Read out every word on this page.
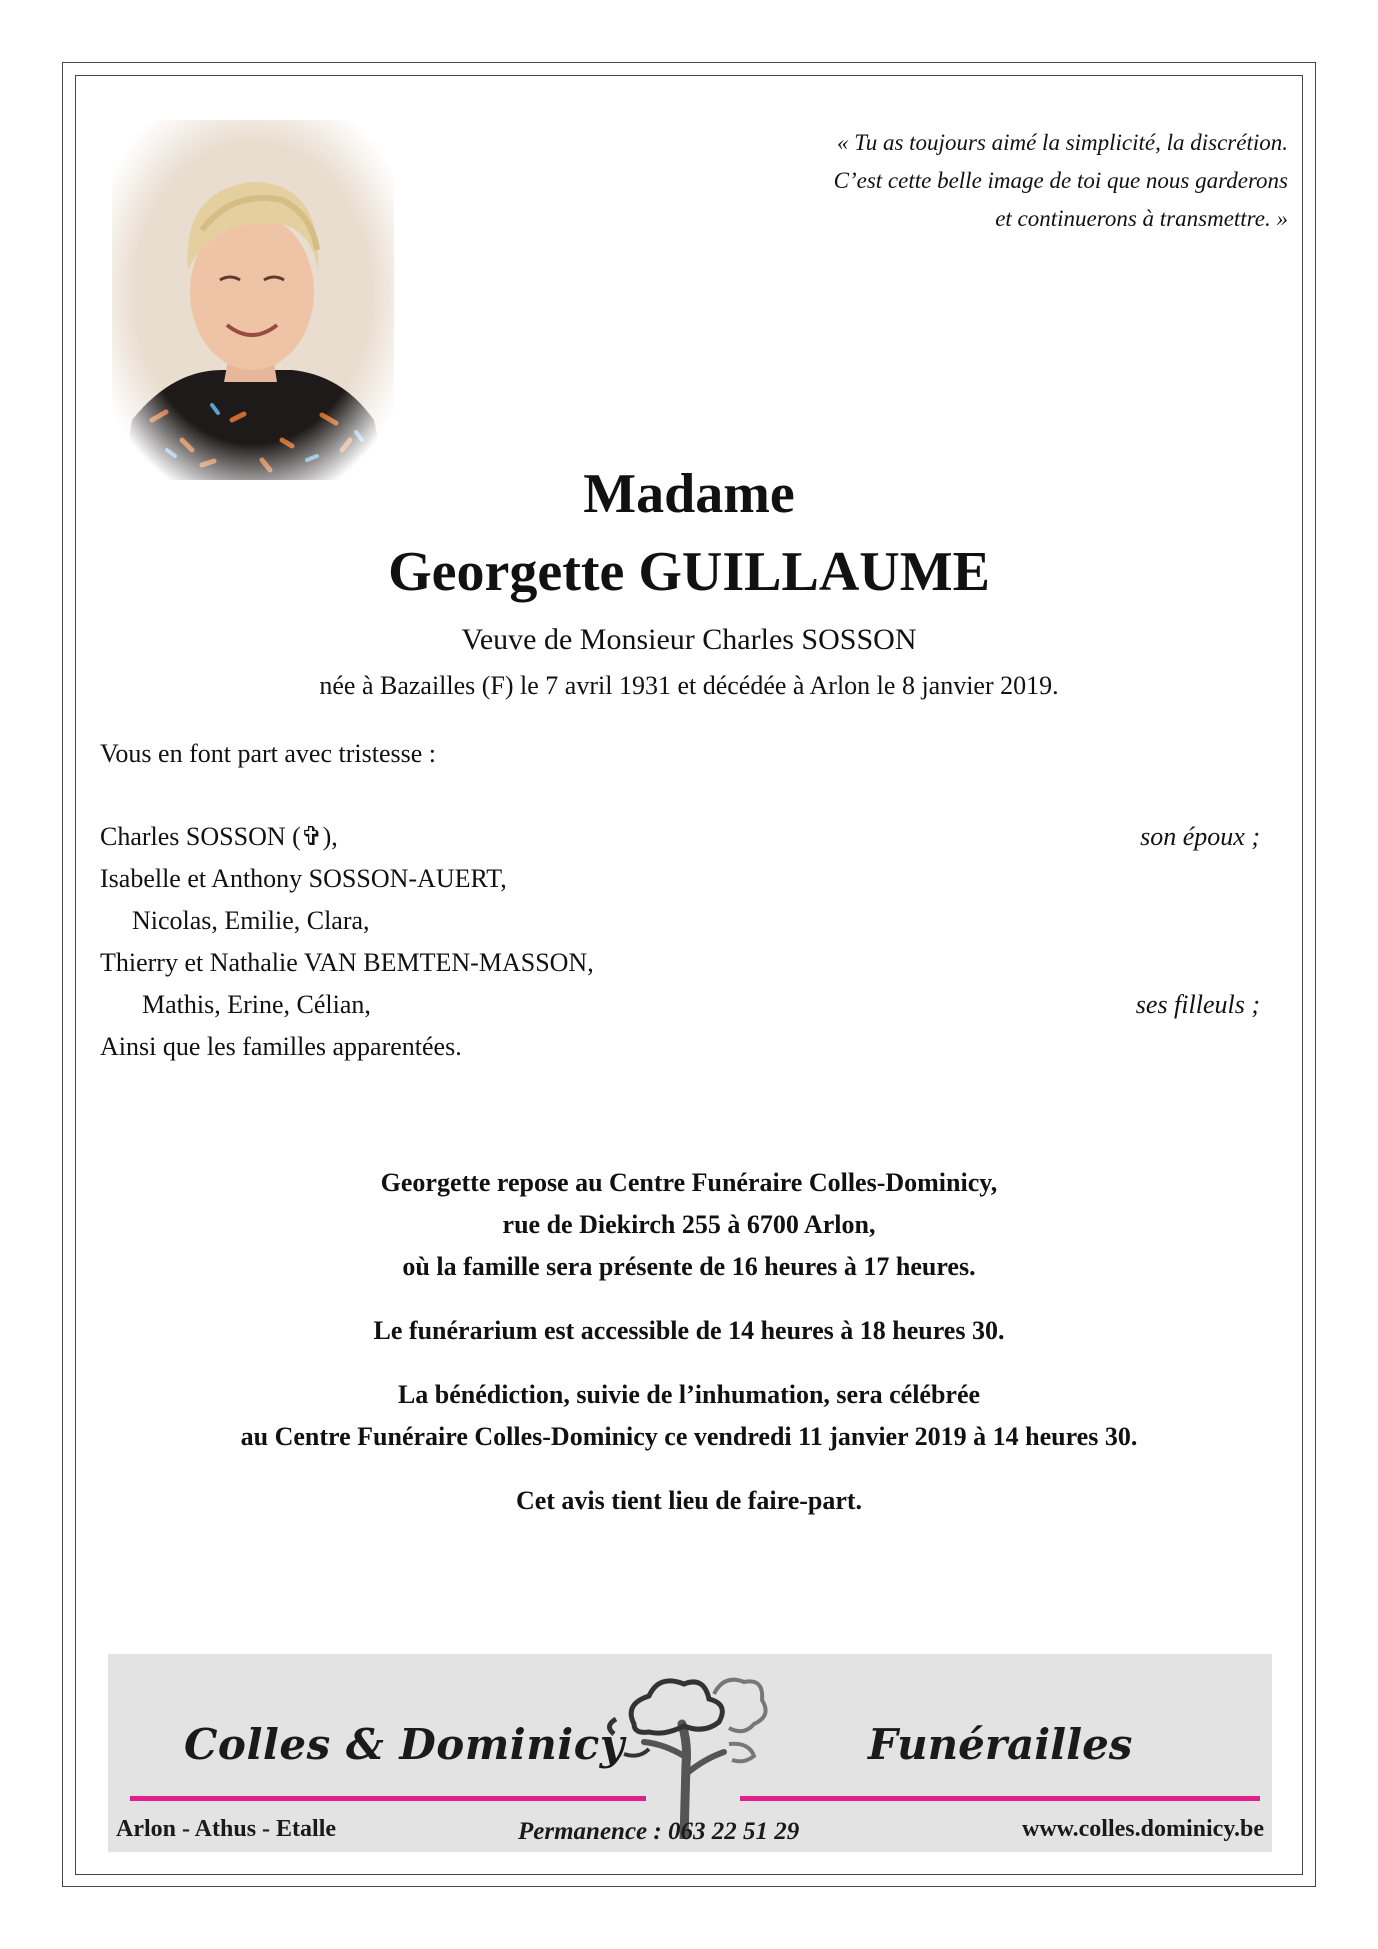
« Tu as toujours aimé la simplicité, la discrétion.
C’est cette belle image de toi que nous garderons
et continuerons à transmettre. »
Madame
Georgette GUILLAUME
Veuve de Monsieur Charles SOSSON
née à Bazailles (F) le 7 avril 1931 et décédée à Arlon le 8 janvier 2019.
Vous en font part avec tristesse :
Charles SOSSON (✞),	son époux ;
Isabelle et Anthony SOSSON-AUERT,
Nicolas, Emilie, Clara,
Thierry et Nathalie VAN BEMTEN-MASSON,
Mathis, Erine, Célian,	ses filleuls ;
Ainsi que les familles apparentées.

Georgette repose au Centre Funéraire Colles-Dominicy,
rue de Diekirch 255 à 6700 Arlon,
où la famille sera présente de 16 heures à 17 heures.

Le funérarium est accessible de 14 heures à 18 heures 30.

La bénédiction, suivie de l’inhumation, sera célébrée
au Centre Funéraire Colles-Dominicy ce vendredi 11 janvier 2019 à 14 heures 30.

Cet avis tient lieu de faire-part.

Colles & Dominicy	Funérailles
Arlon - Athus - Etalle	Permanence : 063 22 51 29	www.colles.dominicy.be
